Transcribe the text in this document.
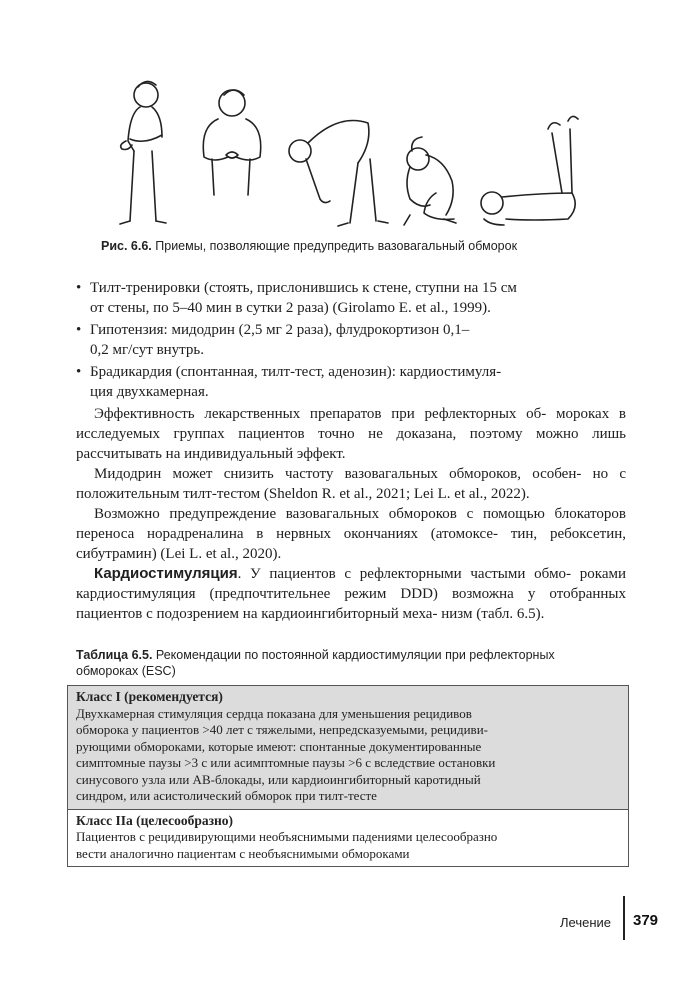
Рис. 6.6. Приемы, позволяющие предупредить вазовагальный обморок
• Тилт-тренировки (стоять, прислонившись к стене, ступни на 15 см
от стены, по 5–40 мин в сутки 2 раза) (Girolamo E. et al., 1999).
• Гипотензия: мидодрин (2,5 мг 2 раза), флудрокортизон 0,1–
0,2 мг/сут внутрь.
• Брадикардия (спонтанная, тилт-тест, аденозин): кардиостимуля-
ция двухкамерная.

Эффективность лекарственных препаратов при рефлекторных об- мороках в исследуемых группах пациентов точно не доказана, поэтому можно лишь рассчитывать на индивидуальный эффект.

Мидодрин может снизить частоту вазовагальных обмороков, особен- но с положительным тилт-тестом (Sheldon R. et al., 2021; Lei L. et al., 2022).

Возможно предупреждение вазовагальных обмороков с помощью блокаторов переноса норадреналина в нервных окончаниях (атомоксе- тин, ребоксетин, сибутрамин) (Lei L. et al., 2020).

Кардиостимуляция. У пациентов с рефлекторными частыми обмо- роками кардиостимуляция (предпочтительнее режим DDD) возможна у отобранных пациентов с подозрением на кардиоингибиторный меха- низм (табл. 6.5).

Таблица 6.5. Рекомендации по постоянной кардиостимуляции при рефлекторных
обмороках (ESC)
Класс I (рекомендуется)
Двухкамерная стимуляция сердца показана для уменьшения рецидивов
обморока у пациентов >40 лет с тяжелыми, непредсказуемыми, рецидиви-
рующими обмороками, которые имеют: спонтанные документированные
симптомные паузы >3 с или асимптомные паузы >6 с вследствие остановки
синусового узла или АВ-блокады, или кардиоингибиторный каротидный
синдром, или асистолический обморок при тилт-тесте
Класс IIa (целесообразно)
Пациентов с рецидивирующими необъяснимыми падениями целесообразно
вести аналогично пациентам с необъяснимыми обмороками
Лечение 379
